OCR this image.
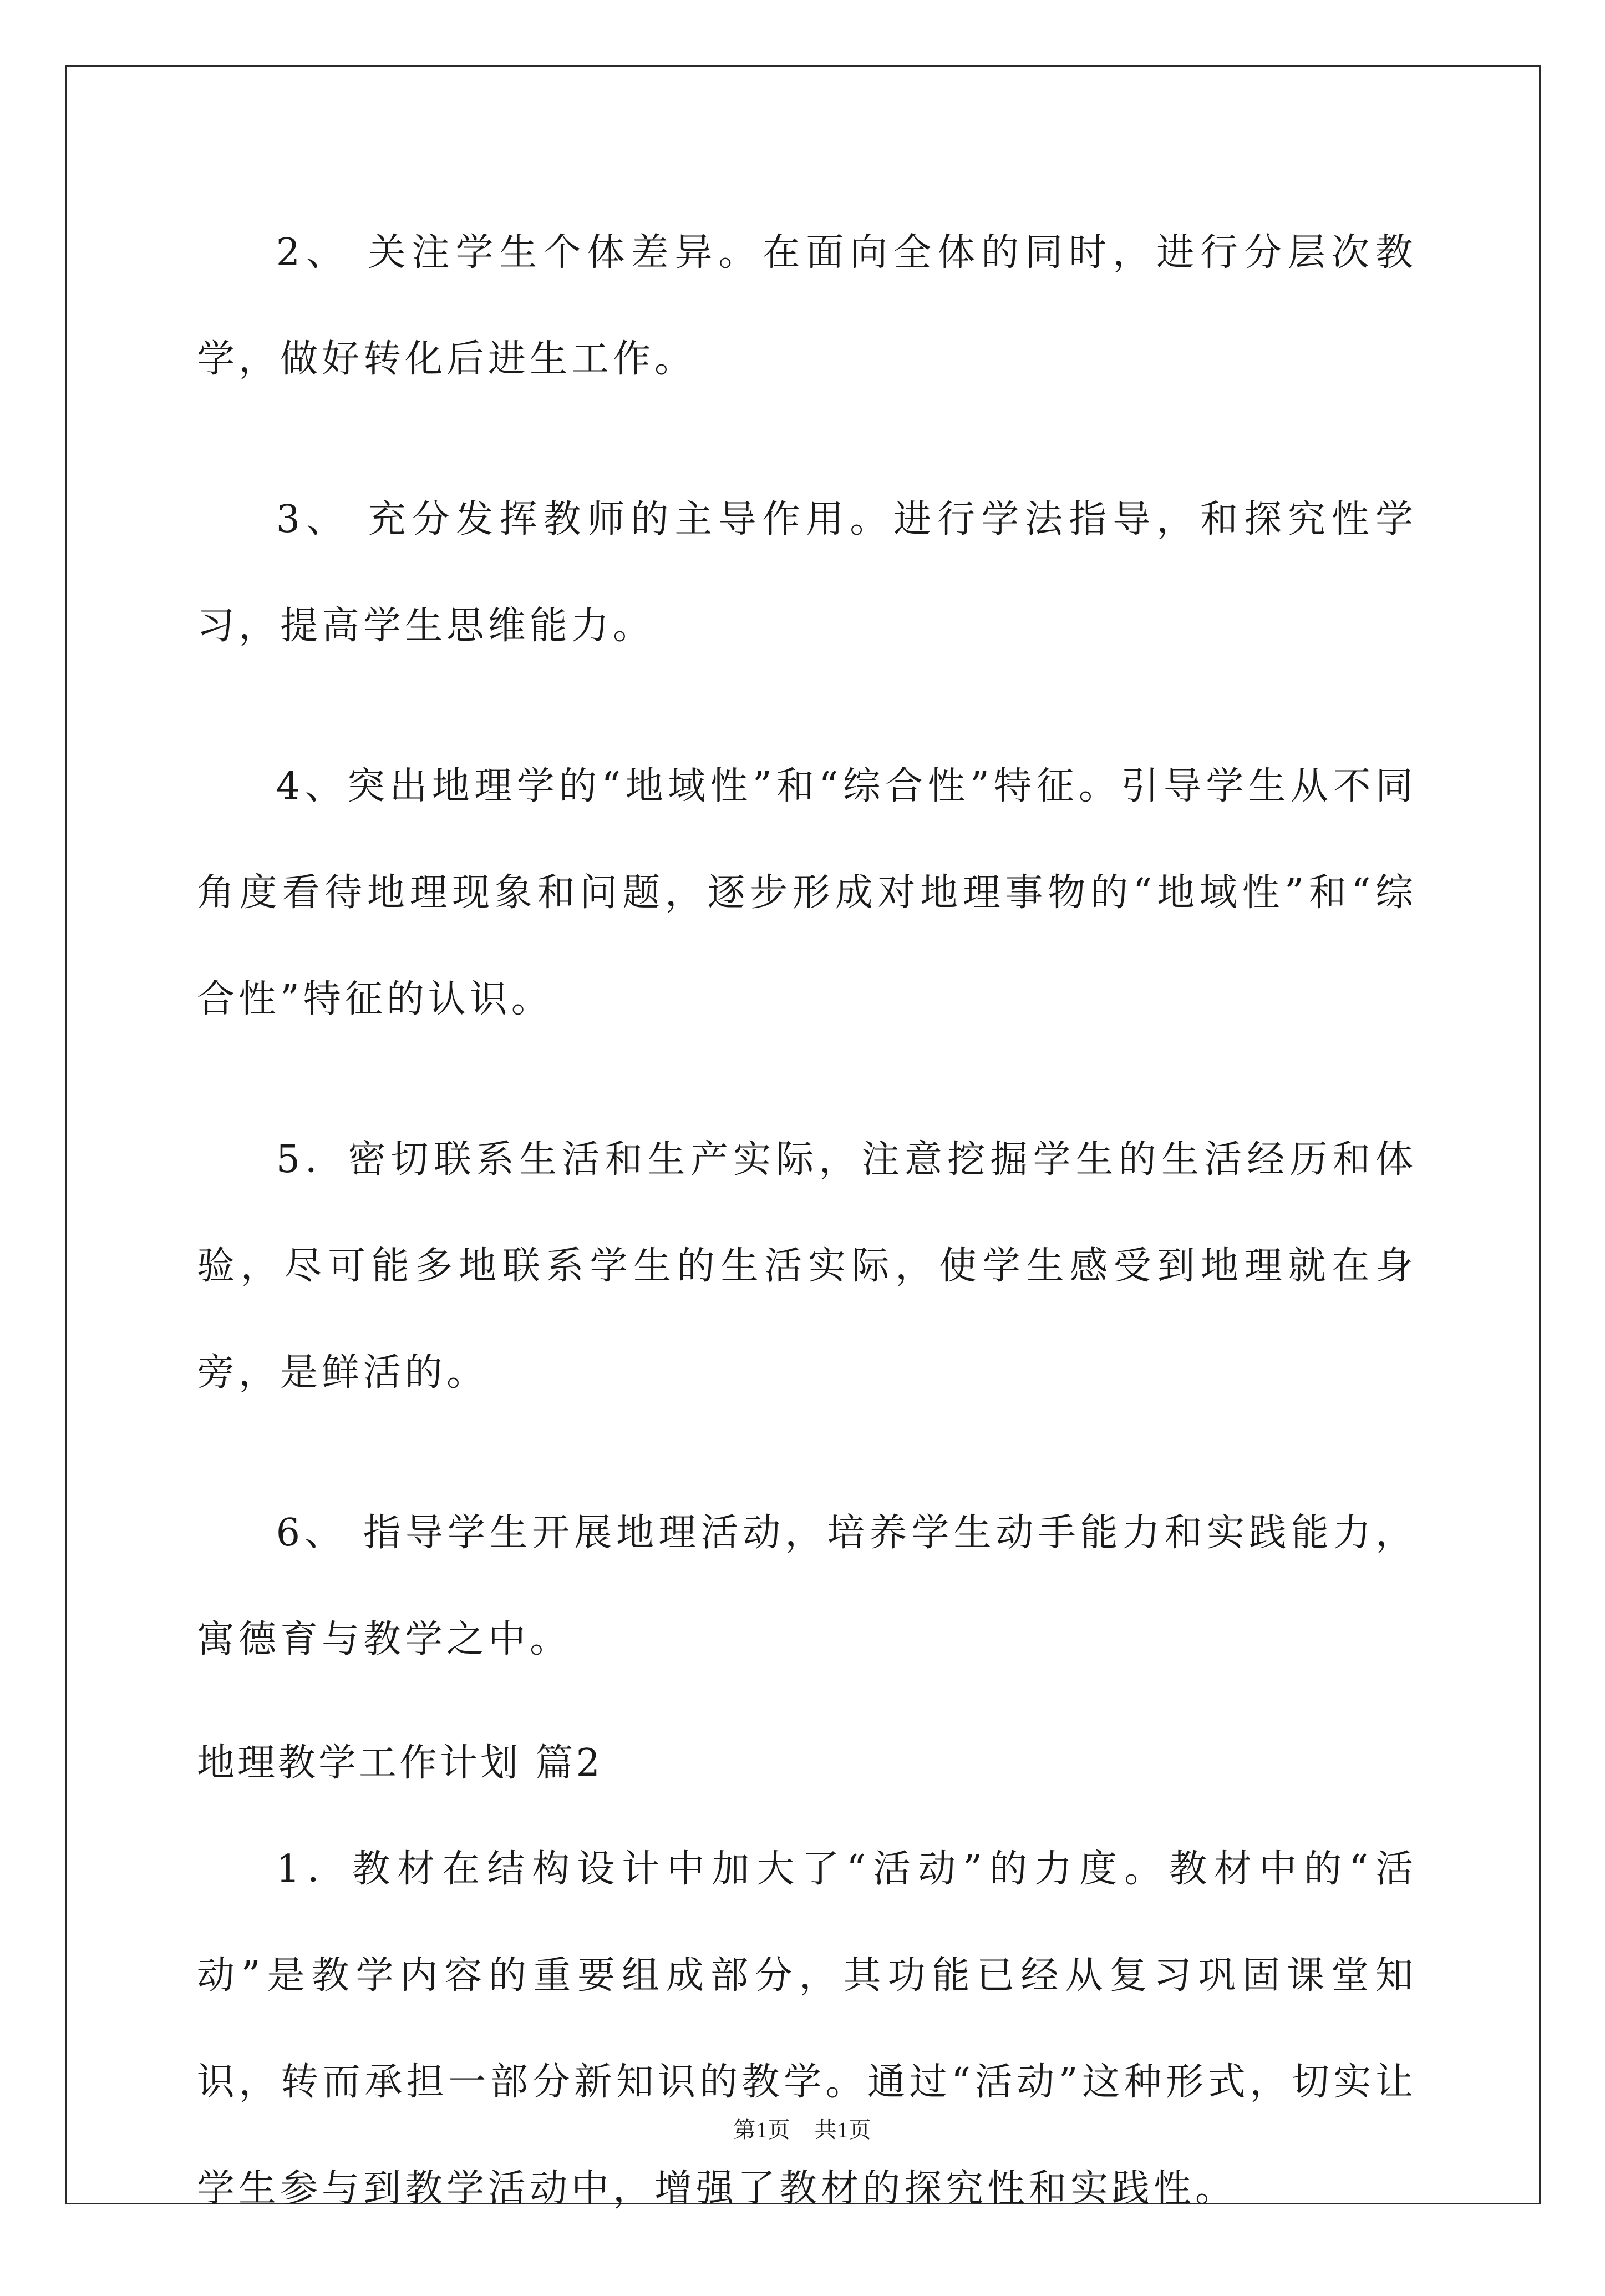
2、 关注学生个体差异。在面向全体的同时，进行分层次教学，做好转化后进生工作。

3、 充分发挥教师的主导作用。进行学法指导，和探究性学习，提高学生思维能力。

4、突出地理学的“地域性”和“综合性”特征。引导学生从不同角度看待地理现象和问题，逐步形成对地理事物的“地域性”和“综合性”特征的认识。

5．密切联系生活和生产实际，注意挖掘学生的生活经历和体验，尽可能多地联系学生的生活实际，使学生感受到地理就在身旁，是鲜活的。

6、 指导学生开展地理活动，培养学生动手能力和实践能力，寓德育与教学之中。

地理教学工作计划 篇2

1．教材在结构设计中加大了“活动”的力度。教材中的“活动”是教学内容的重要组成部分，其功能已经从复习巩固课堂知识，转而承担一部分新知识的教学。通过“活动”这种形式，切实让学生参与到教学活动中，增强了教材的探究性和实践性。

第1页 共1页
